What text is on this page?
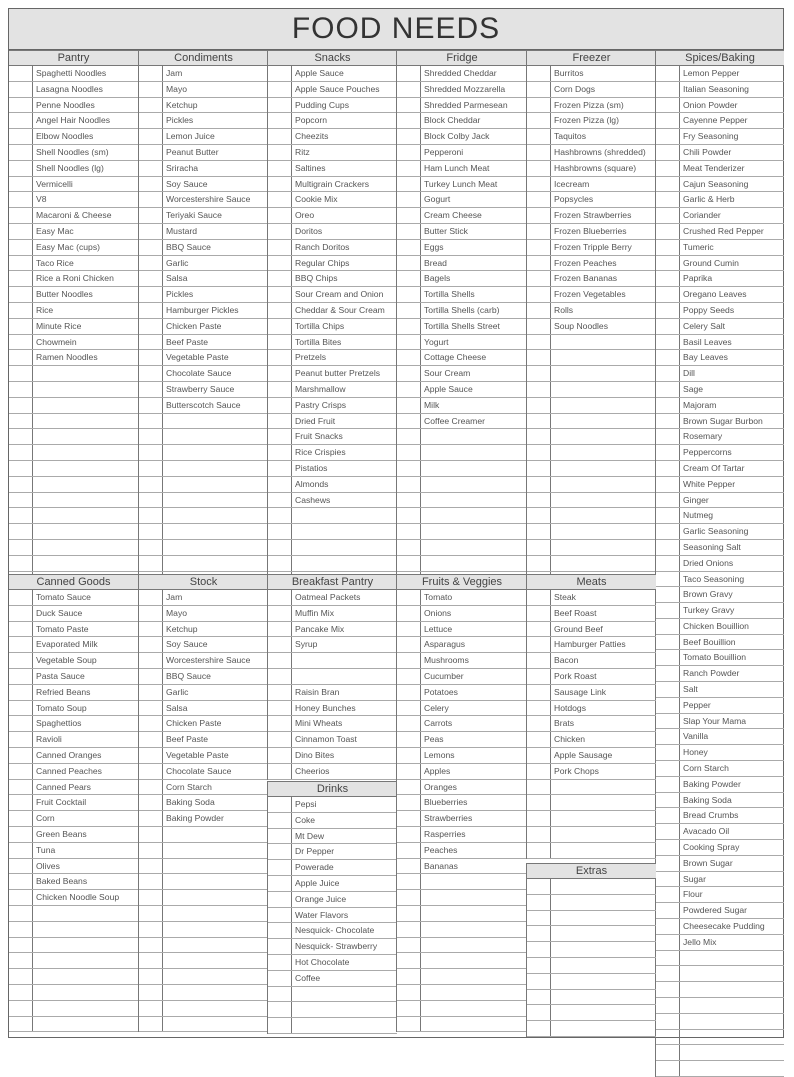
FOOD NEEDS
Pantry
Spaghetti Noodles
Lasagna Noodles
Penne Noodles
Angel Hair Noodles
Elbow Noodles
Shell Noodles (sm)
Shell Noodles (lg)
Vermicelli
V8
Macaroni & Cheese
Easy Mac
Easy Mac (cups)
Taco Rice
Rice a Roni Chicken
Butter Noodles
Rice
Minute Rice
Chowmein
Ramen Noodles
Condiments
Jam
Mayo
Ketchup
Pickles
Lemon Juice
Peanut Butter
Sriracha
Soy Sauce
Worcestershire Sauce
Teriyaki Sauce
Mustard
BBQ Sauce
Garlic
Salsa
Pickles
Hamburger Pickles
Chicken Paste
Beef Paste
Vegetable Paste
Chocolate Sauce
Strawberry Sauce
Butterscotch Sauce
Snacks
Apple Sauce
Apple Sauce Pouches
Pudding Cups
Popcorn
Cheezits
Ritz
Saltines
Multigrain Crackers
Cookie Mix
Oreo
Doritos
Ranch Doritos
Regular Chips
BBQ Chips
Sour Cream and Onion
Cheddar & Sour Cream
Tortilla Chips
Tortilla Bites
Pretzels
Peanut butter Pretzels
Marshmallow
Pastry Crisps
Dried Fruit
Fruit Snacks
Rice Crispies
Pistatios
Almonds
Cashews
Fridge
Shredded Cheddar
Shredded Mozzarella
Shredded Parmesean
Block Cheddar
Block Colby Jack
Pepperoni
Ham Lunch Meat
Turkey Lunch Meat
Gogurt
Cream Cheese
Butter Stick
Eggs
Bread
Bagels
Tortilla Shells
Tortilla Shells (carb)
Tortilla Shells Street
Yogurt
Cottage Cheese
Sour Cream
Apple Sauce
Milk
Coffee Creamer
Freezer
Burritos
Corn Dogs
Frozen Pizza (sm)
Frozen Pizza (lg)
Taquitos
Hashbrowns (shredded)
Hashbrowns (square)
Icecream
Popsycles
Frozen Strawberries
Frozen Blueberries
Frozen Tripple Berry
Frozen Peaches
Frozen Bananas
Frozen Vegetables
Rolls
Soup Noodles
Spices/Baking
Lemon Pepper
Italian Seasoning
Onion Powder
Cayenne Pepper
Fry Seasoning
Chili Powder
Meat Tenderizer
Cajun Seasoning
Garlic & Herb
Coriander
Crushed Red Pepper
Tumeric
Ground Cumin
Paprika
Oregano Leaves
Poppy Seeds
Celery Salt
Basil Leaves
Bay Leaves
Dill
Sage
Majoram
Brown Sugar Burbon
Rosemary
Peppercorns
Cream Of Tartar
White Pepper
Ginger
Nutmeg
Garlic Seasoning
Seasoning Salt
Dried Onions
Taco Seasoning
Brown Gravy
Turkey Gravy
Chicken Bouillion
Beef Bouillion
Tomato Bouillion
Ranch Powder
Salt
Pepper
Slap Your Mama
Vanilla
Honey
Corn Starch
Baking Powder
Baking Soda
Bread Crumbs
Avacado Oil
Cooking Spray
Brown Sugar
Sugar
Flour
Powdered Sugar
Cheesecake Pudding
Jello Mix
Canned Goods
Tomato Sauce
Duck Sauce
Tomato Paste
Evaporated Milk
Vegetable Soup
Pasta Sauce
Refried Beans
Tomato Soup
Spaghettios
Ravioli
Canned Oranges
Canned Peaches
Canned Pears
Fruit Cocktail
Corn
Green Beans
Tuna
Olives
Baked Beans
Chicken Noodle Soup
Stock
Jam
Mayo
Ketchup
Soy Sauce
Worcestershire Sauce
BBQ Sauce
Garlic
Salsa
Chicken Paste
Beef Paste
Vegetable Paste
Chocolate Sauce
Corn Starch
Baking Soda
Baking Powder
Breakfast Pantry
Oatmeal Packets
Muffin Mix
Pancake Mix
Syrup
Raisin Bran
Honey Bunches
Mini Wheats
Cinnamon Toast
Dino Bites
Cheerios
Drinks
Pepsi
Coke
Mt Dew
Dr Pepper
Powerade
Apple Juice
Orange Juice
Water Flavors
Nesquick- Chocolate
Nesquick- Strawberry
Hot Chocolate
Coffee
Fruits & Veggies
Tomato
Onions
Lettuce
Asparagus
Mushrooms
Cucumber
Potatoes
Celery
Carrots
Peas
Lemons
Apples
Oranges
Blueberries
Strawberries
Rasperries
Peaches
Bananas
Meats
Steak
Beef Roast
Ground Beef
Hamburger Patties
Bacon
Pork Roast
Sausage Link
Hotdogs
Brats
Chicken
Apple Sausage
Pork Chops
Extras
